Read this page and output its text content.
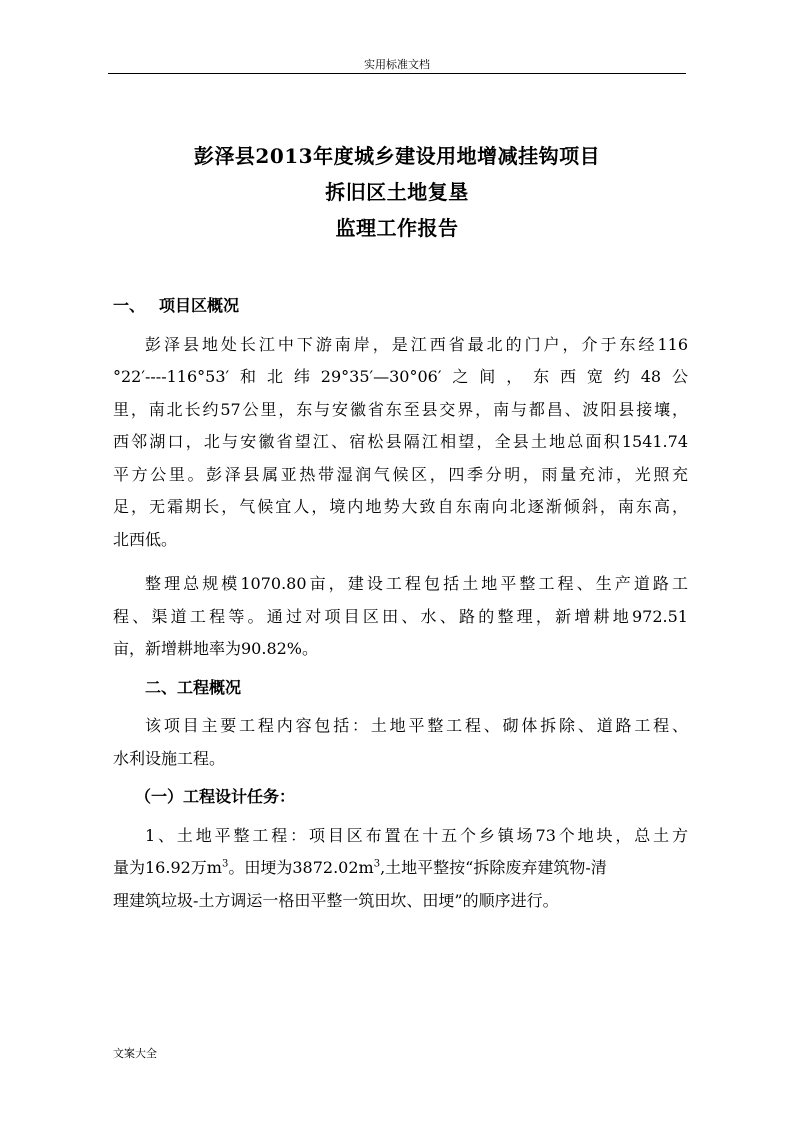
实用标准文档
彭泽县2013年度城乡建设用地增减挂钩项目
拆旧区土地复垦
监理工作报告
一、 项目区概况
彭泽县地处长江中下游南岸，是江西省最北的门户，介于东经116
°22′----116°53′和北纬29°35′—30°06′之间，东西宽约48公
里，南北长约57公里，东与安徽省东至县交界，南与都昌、波阳县接壤，
西邻湖口，北与安徽省望江、宿松县隔江相望，全县土地总面积1541.74
平方公里。彭泽县属亚热带湿润气候区，四季分明，雨量充沛，光照充
足，无霜期长，气候宜人，境内地势大致自东南向北逐渐倾斜，南东高，
北西低。
整理总规模1070.80亩，建设工程包括土地平整工程、生产道路工
程、渠道工程等。通过对项目区田、水、路的整理，新增耕地972.51
亩，新增耕地率为90.82%。
二、工程概况
该项目主要工程内容包括：土地平整工程、砌体拆除、道路工程、
水利设施工程。
（一）工程设计任务：
1、土地平整工程：项目区布置在十五个乡镇场73个地块，总土方
量为16.92万$m^3$。田埂为$3872.02m^3$,土地平整按“拆除废弃建筑物-清
理建筑垃圾-土方调运一格田平整一筑田坎、田埂”的顺序进行。
文案大全
